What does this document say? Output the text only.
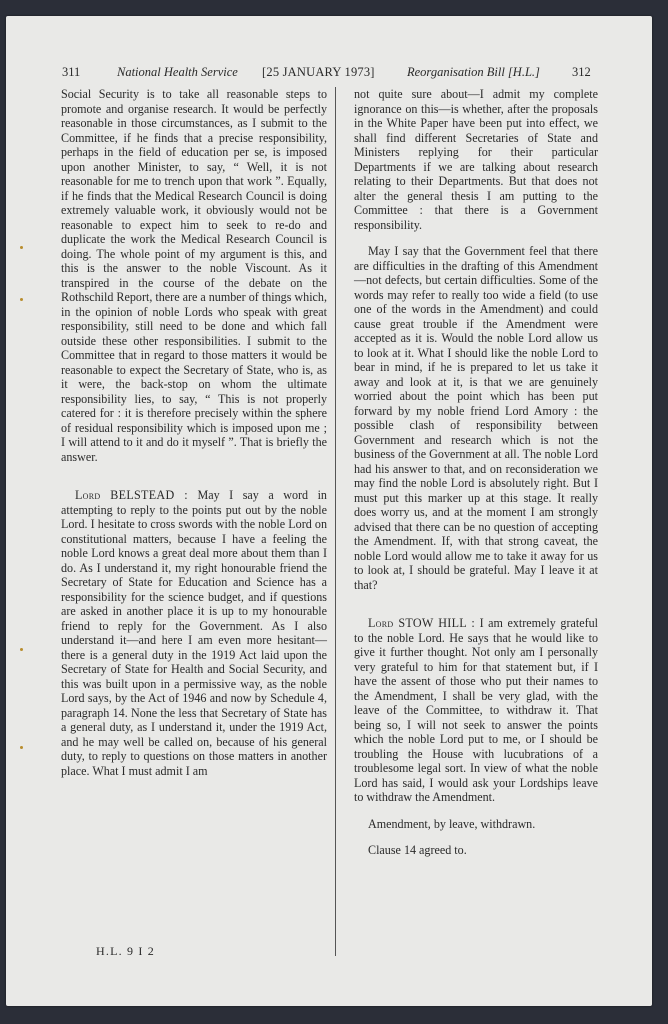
311	National Health Service [25 JANUARY 1973]	Reorganisation Bill [H.L.]	312

Social Security is to take all reasonable steps to promote and organise research. It would be perfectly reasonable in those circumstances, as I submit to the Committee, if he finds that a precise responsibility, perhaps in the field of education per se, is imposed upon another Minister, to say, “ Well, it is not reasonable for me to trench upon that work ”. Equally, if he finds that the Medical Research Council is doing extremely valuable work, it obviously would not be reasonable to expect him to seek to re-do and duplicate the work the Medical Research Council is doing. The whole point of my argument is this, and this is the answer to the noble Viscount. As it transpired in the course of the debate on the Rothschild Report, there are a number of things which, in the opinion of noble Lords who speak with great responsibility, still need to be done and which fall outside these other responsibilities. I submit to the Committee that in regard to those matters it would be reasonable to expect the Secretary of State, who is, as it were, the back-stop on whom the ultimate responsibility lies, to say, “ This is not properly catered for : it is therefore precisely within the sphere of residual responsibility which is imposed upon me ; I will attend to it and do it myself ”. That is briefly the answer.

Lord BELSTEAD : May I say a word in attempting to reply to the points put out by the noble Lord. I hesitate to cross swords with the noble Lord on constitutional matters, because I have a feeling the noble Lord knows a great deal more about them than I do. As I understand it, my right honourable friend the Secretary of State for Education and Science has a responsibility for the science budget, and if questions are asked in another place it is up to my honourable friend to reply for the Government. As I also understand it—and here I am even more hesitant—there is a general duty in the 1919 Act laid upon the Secretary of State for Health and Social Security, and this was built upon in a permissive way, as the noble Lord says, by the Act of 1946 and now by Schedule 4, paragraph 14. None the less that Secretary of State has a general duty, as I understand it, under the 1919 Act, and he may well be called on, because of his general duty, to reply to questions on those matters in another place. What I must admit I am

not quite sure about—I admit my complete ignorance on this—is whether, after the proposals in the White Paper have been put into effect, we shall find different Secretaries of State and Ministers replying for their particular Departments if we are talking about research relating to their Departments. But that does not alter the general thesis I am putting to the Committee : that there is a Government responsibility.

May I say that the Government feel that there are difficulties in the drafting of this Amendment—not defects, but certain difficulties. Some of the words may refer to really too wide a field (to use one of the words in the Amendment) and could cause great trouble if the Amendment were accepted as it is. Would the noble Lord allow us to look at it. What I should like the noble Lord to bear in mind, if he is prepared to let us take it away and look at it, is that we are genuinely worried about the point which has been put forward by my noble friend Lord Amory : the possible clash of responsibility between Government and research which is not the business of the Government at all. The noble Lord had his answer to that, and on reconsideration we may find the noble Lord is absolutely right. But I must put this marker up at this stage. It really does worry us, and at the moment I am strongly advised that there can be no question of accepting the Amendment. If, with that strong caveat, the noble Lord would allow me to take it away for us to look at, I should be grateful. May I leave it at that?

Lord STOW HILL : I am extremely grateful to the noble Lord. He says that he would like to give it further thought. Not only am I personally very grateful to him for that statement but, if I have the assent of those who put their names to the Amendment, I shall be very glad, with the leave of the Committee, to withdraw it. That being so, I will not seek to answer the points which the noble Lord put to me, or I should be troubling the House with lucubrations of a troublesome legal sort. In view of what the noble Lord has said, I would ask your Lordships leave to withdraw the Amendment.

Amendment, by leave, withdrawn.

Clause 14 agreed to.

H.L. 9 I 2
